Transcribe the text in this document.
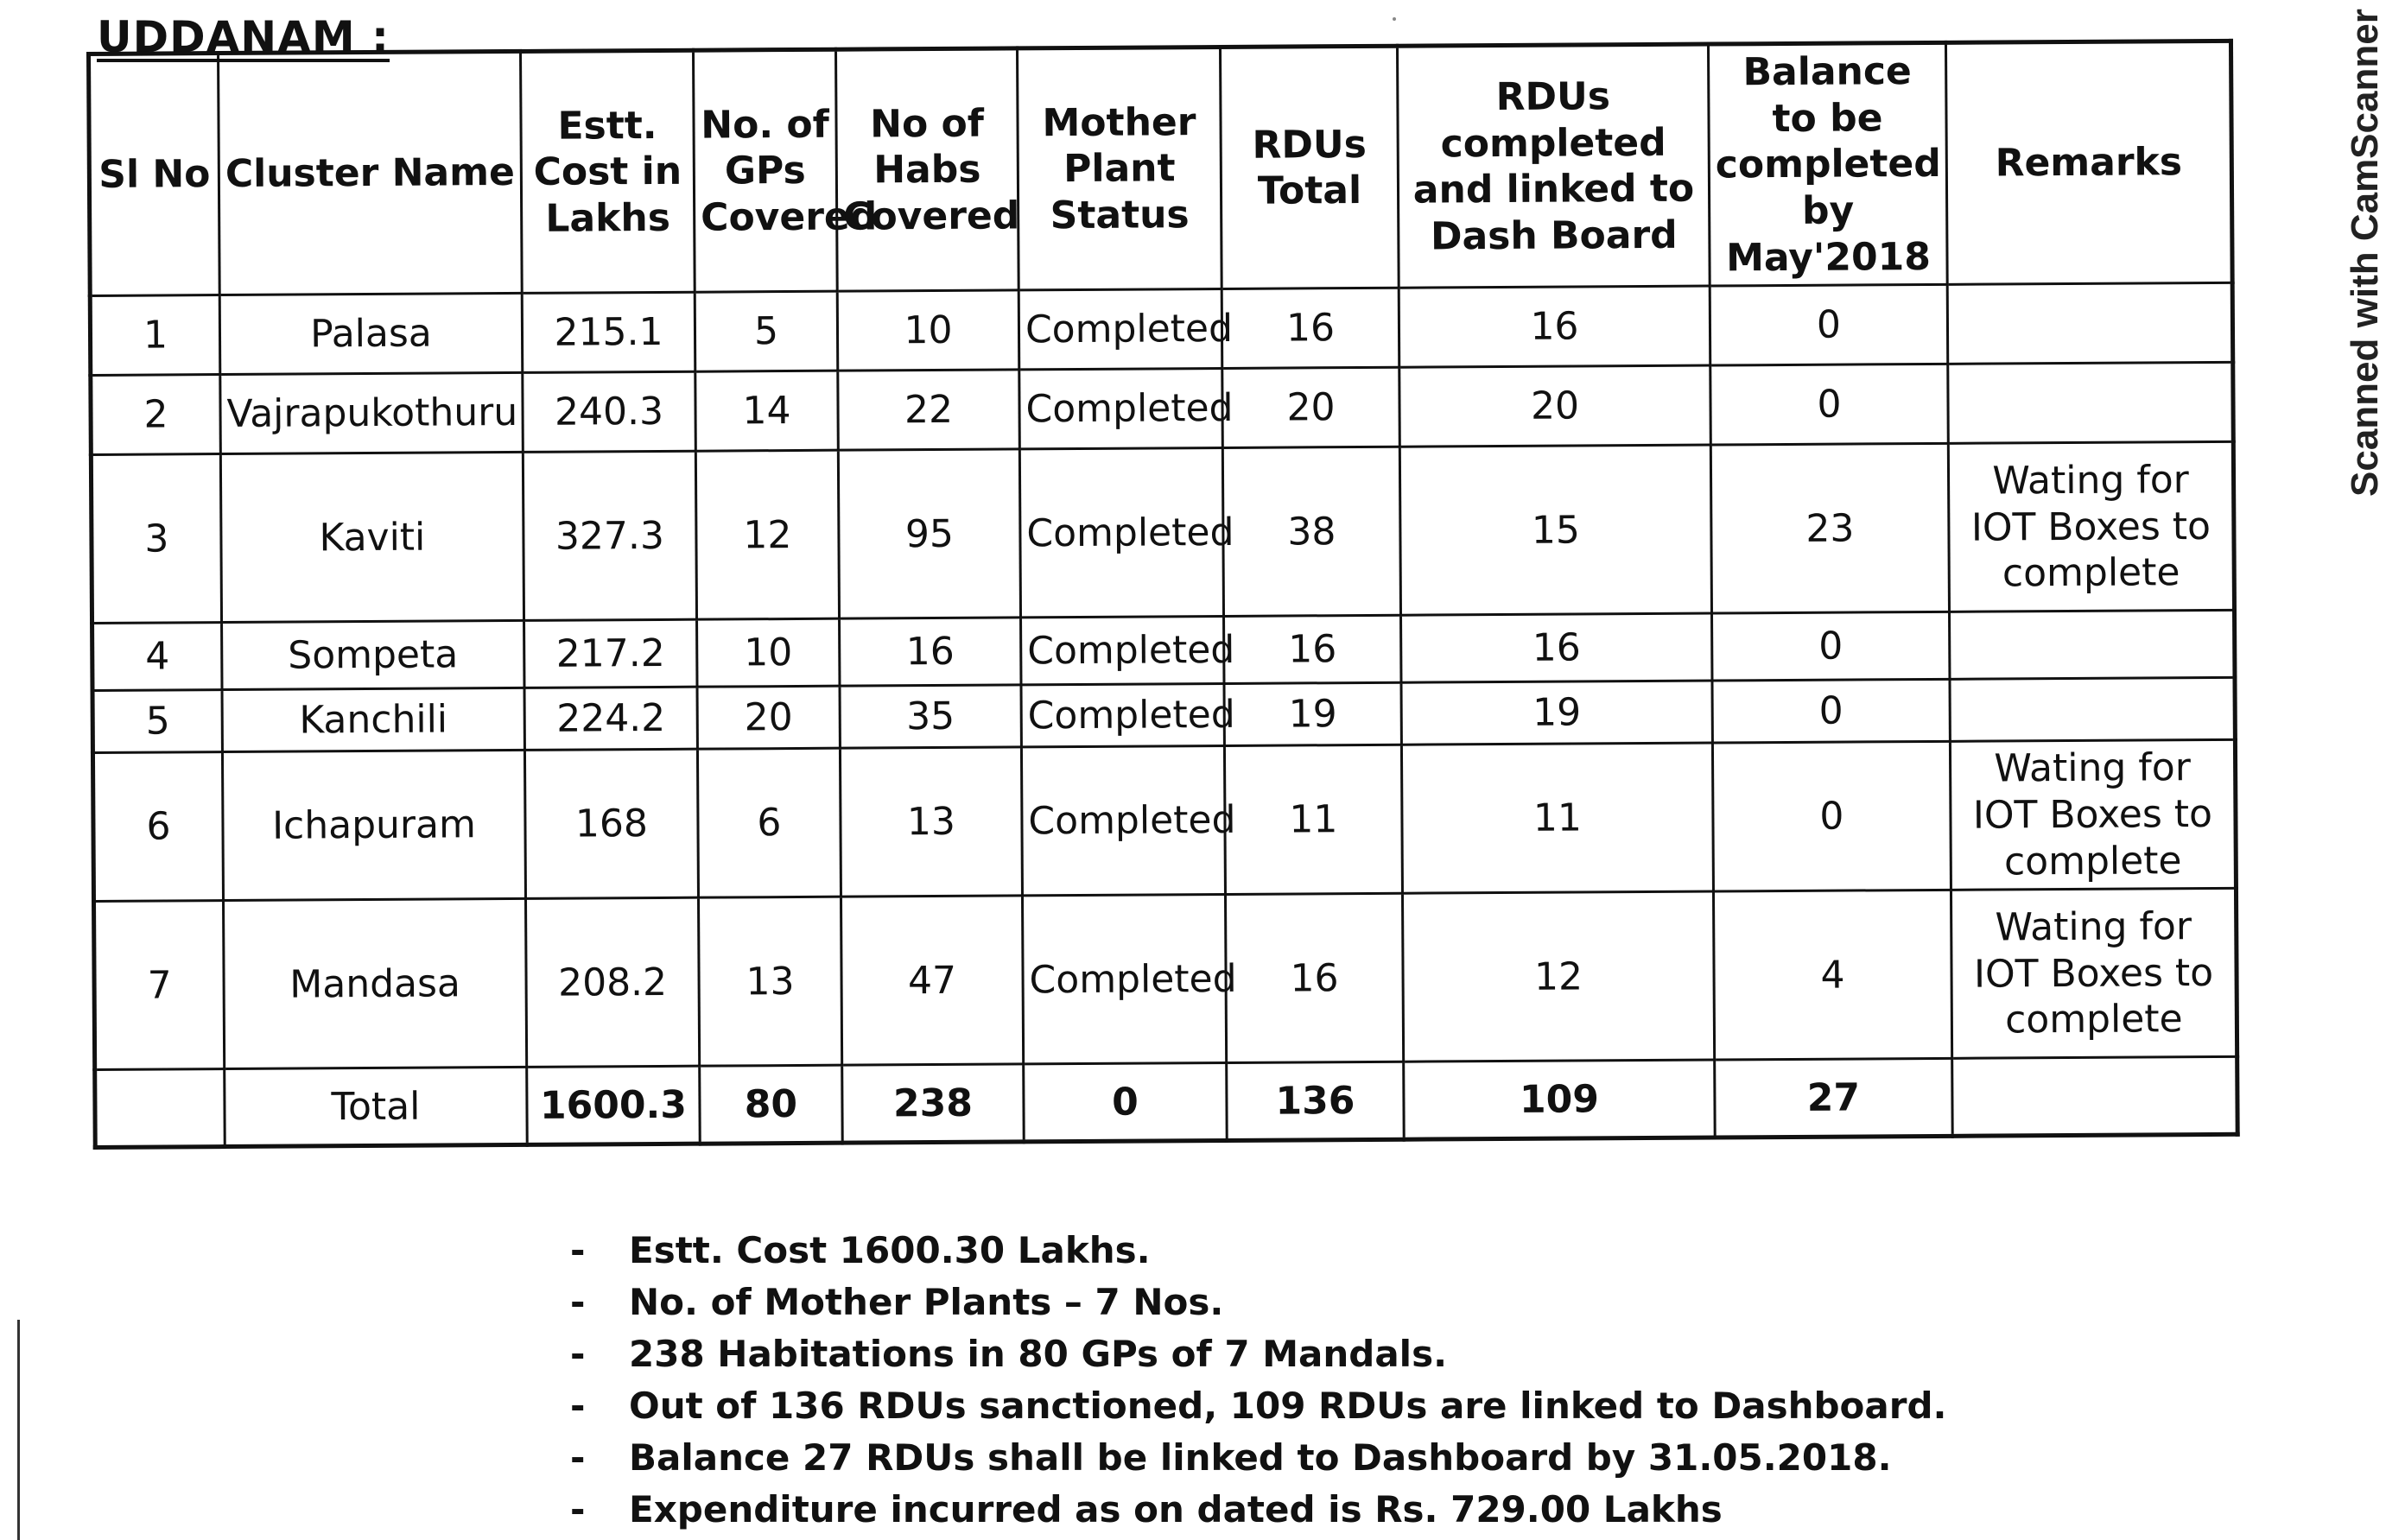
UDDANAM :
Sl No	Cluster Name	Estt. Cost in Lakhs	No. of GPs Covered	No of Habs Covered	Mother Plant Status	RDUs Total	RDUs completed and linked to Dash Board	Balance to be completed by May'2018	Remarks
1	Palasa	215.1	5	10	Completed	16	16	0	
2	Vajrapukothuru	240.3	14	22	Completed	20	20	0	
3	Kaviti	327.3	12	95	Completed	38	15	23	Wating for IOT Boxes to complete
4	Sompeta	217.2	10	16	Completed	16	16	0	
5	Kanchili	224.2	20	35	Completed	19	19	0	
6	Ichapuram	168	6	13	Completed	11	11	0	Wating for IOT Boxes to complete
7	Mandasa	208.2	13	47	Completed	16	12	4	Wating for IOT Boxes to complete
	Total	1600.3	80	238	0	136	109	27	
- Estt. Cost 1600.30 Lakhs.
- No. of Mother Plants – 7 Nos.
- 238 Habitations in 80 GPs of 7 Mandals.
- Out of 136 RDUs sanctioned, 109 RDUs are linked to Dashboard.
- Balance 27 RDUs shall be linked to Dashboard by 31.05.2018.
- Expenditure incurred as on dated is Rs. 729.00 Lakhs
Scanned with CamScanner
